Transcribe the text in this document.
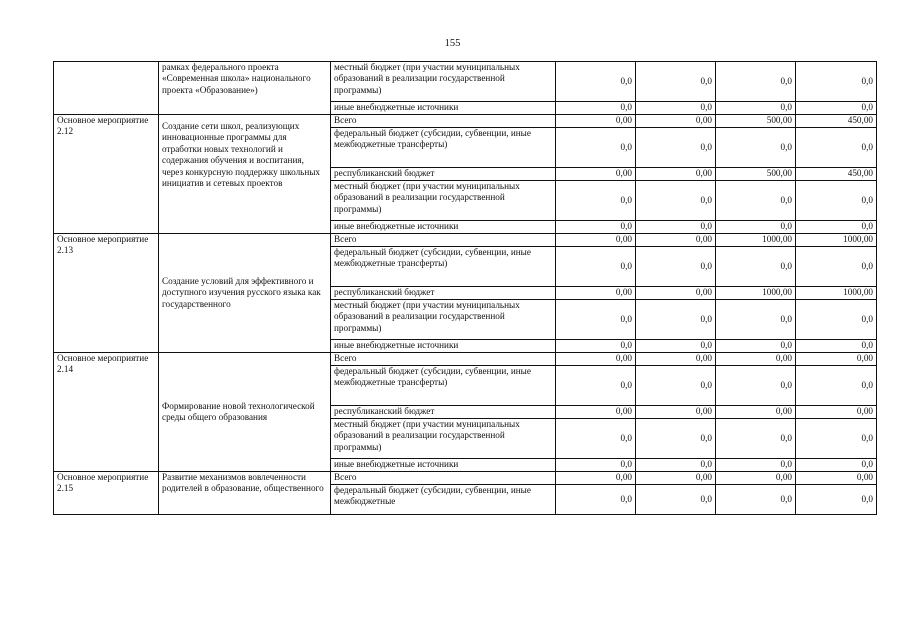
155
	рамках федерального проекта «Современная школа» национального проекта «Образование»)	местный бюджет (при участии муниципальных образований в реализации государственной программы)	0,0	0,0	0,0	0,0
		иные внебюджетные источники	0,0	0,0	0,0	0,0
Основное мероприятие 2.12	Создание сети школ, реализующих инновационные программы для отработки новых технологий и содержания обучения и воспитания, через конкурсную поддержку школьных инициатив и сетевых проектов	Всего	0,00	0,00	500,00	450,00
		федеральный бюджет (субсидии, субвенции, иные межбюджетные трансферты)	0,0	0,0	0,0	0,0
		республиканский бюджет	0,00	0,00	500,00	450,00
		местный бюджет (при участии муниципальных образований в реализации государственной программы)	0,0	0,0	0,0	0,0
		иные внебюджетные источники	0,0	0,0	0,0	0,0
Основное мероприятие 2.13	Создание условий для эффективного и доступного изучения русского языка как государственного	Всего	0,00	0,00	1000,00	1000,00
		федеральный бюджет (субсидии, субвенции, иные межбюджетные трансферты)	0,0	0,0	0,0	0,0
		республиканский бюджет	0,00	0,00	1000,00	1000,00
		местный бюджет (при участии муниципальных образований в реализации государственной программы)	0,0	0,0	0,0	0,0
		иные внебюджетные источники	0,0	0,0	0,0	0,0
Основное мероприятие 2.14	Формирование новой технологической среды общего образования	Всего	0,00	0,00	0,00	0,00
		федеральный бюджет (субсидии, субвенции, иные межбюджетные трансферты)	0,0	0,0	0,0	0,0
		республиканский бюджет	0,00	0,00	0,00	0,00
		местный бюджет (при участии муниципальных образований в реализации государственной программы)	0,0	0,0	0,0	0,0
		иные внебюджетные источники	0,0	0,0	0,0	0,0
Основное мероприятие 2.15	Развитие механизмов вовлеченности родителей в образование, общественного	Всего	0,00	0,00	0,00	0,00
		федеральный бюджет (субсидии, субвенции, иные межбюджетные	0,0	0,0	0,0	0,0
